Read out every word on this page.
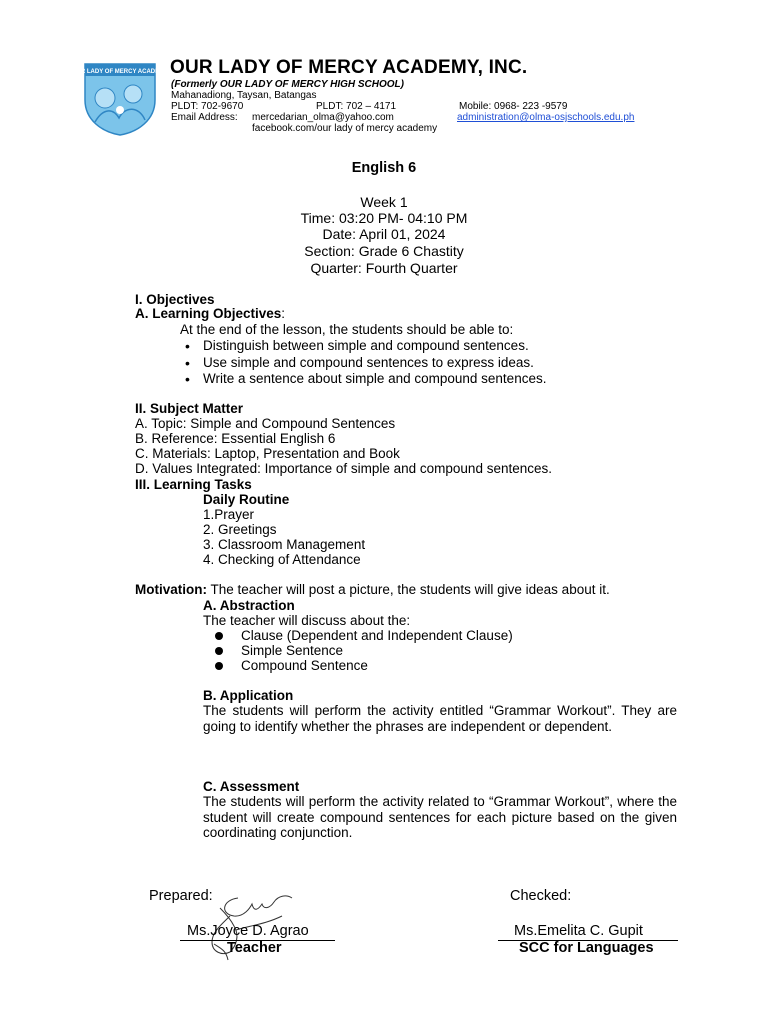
OUR LADY OF MERCY ACADEMY OUR LADY OF MERCY ACADEMY, INC.
(Formerly OUR LADY OF MERCY HIGH SCHOOL)
Mahanadiong, Taysan, Batangas
PLDT: 702-9670	PLDT: 702 – 4171	Mobile: 0968- 223 -9579
Email Address: mercedarian_olma@yahoo.com	administration@olma-osjschools.edu.ph
facebook.com/our lady of mercy academy
English 6
Week 1
Time: 03:20 PM- 04:10 PM
Date: April 01, 2024
Section: Grade 6 Chastity
Quarter: Fourth Quarter
I. Objectives
A. Learning Objectives:
At the end of the lesson, the students should be able to:
• Distinguish between simple and compound sentences.
• Use simple and compound sentences to express ideas.
• Write a sentence about simple and compound sentences.
II. Subject Matter
A. Topic: Simple and Compound Sentences
B. Reference: Essential English 6
C. Materials: Laptop, Presentation and Book
D. Values Integrated: Importance of simple and compound sentences.
III. Learning Tasks
Daily Routine
1.Prayer
2. Greetings
3. Classroom Management
4. Checking of Attendance
Motivation: The teacher will post a picture, the students will give ideas about it.
A. Abstraction
The teacher will discuss about the:
Clause (Dependent and Independent Clause)
Simple Sentence
Compound Sentence
B. Application
The students will perform the activity entitled “Grammar Workout”. They are going to identify whether the phrases are independent or dependent.
C. Assessment
The students will perform the activity related to “Grammar Workout”, where the student will create compound sentences for each picture based on the given coordinating conjunction.
Prepared:	Checked:
Ms.Joyce D. Agrao
Teacher
Ms.Emelita C. Gupit
SCC for Languages
